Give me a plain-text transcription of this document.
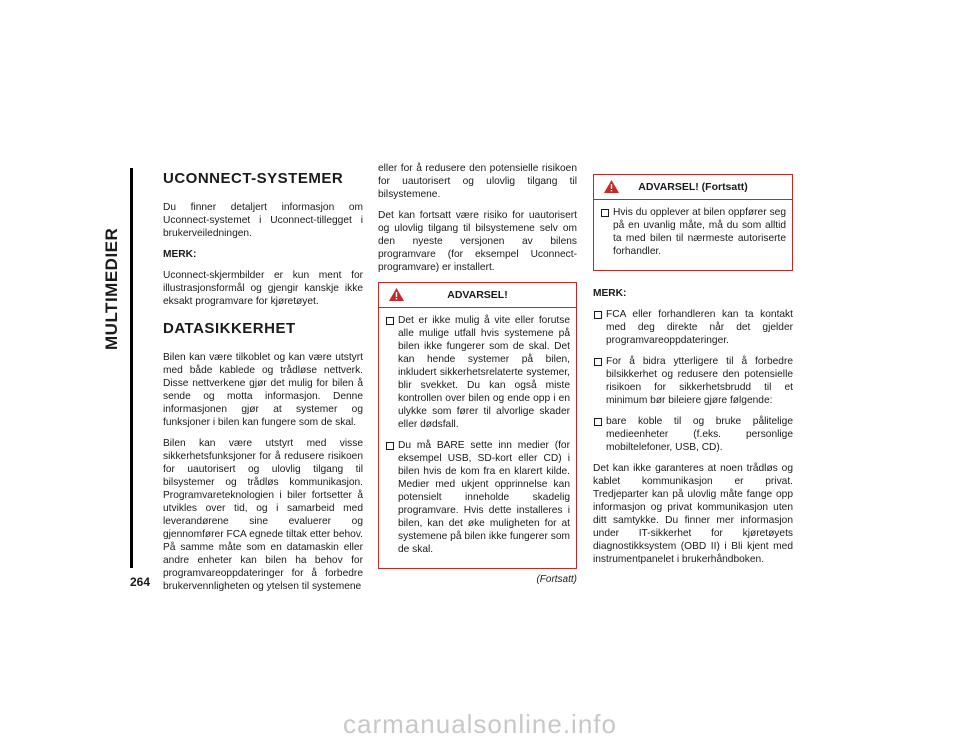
MULTIMEDIER
264
UCONNECT-SYSTEMER

Du finner detaljert informasjon om Uconnect-systemet i Uconnect-tillegget i brukerveiledningen.

MERK:

Uconnect-skjermbilder er kun ment for illustrasjonsformål og gjengir kanskje ikke eksakt programvare for kjøretøyet.

DATASIKKERHET

Bilen kan være tilkoblet og kan være utstyrt med både kablede og trådløse nettverk. Disse nettverkene gjør det mulig for bilen å sende og motta informasjon. Denne informasjonen gjør at systemer og funksjoner i bilen kan fungere som de skal.

Bilen kan være utstyrt med visse sikkerhetsfunksjoner for å redusere risikoen for uautorisert og ulovlig tilgang til bilsystemer og trådløs kommunikasjon. Programvareteknologien i biler fortsetter å utvikles over tid, og i samarbeid med leverandørene sine evaluerer og gjennomfører FCA egnede tiltak etter behov. På samme måte som en datamaskin eller andre enheter kan bilen ha behov for programvareoppdateringer for å forbedre brukervennligheten og ytelsen til systemene

eller for å redusere den potensielle risikoen for uautorisert og ulovlig tilgang til bilsystemene.

Det kan fortsatt være risiko for uautorisert og ulovlig tilgang til bilsystemene selv om den nyeste versjonen av bilens programvare (for eksempel Uconnect-programvare) er installert.

ADVARSEL!

Det er ikke mulig å vite eller forutse alle mulige utfall hvis systemene på bilen ikke fungerer som de skal. Det kan hende systemer på bilen, inkludert sikkerhetsrelaterte systemer, blir svekket. Du kan også miste kontrollen over bilen og ende opp i en ulykke som fører til alvorlige skader eller dødsfall.

Du må BARE sette inn medier (for eksempel USB, SD-kort eller CD) i bilen hvis de kom fra en klarert kilde. Medier med ukjent opprinnelse kan potensielt inneholde skadelig programvare. Hvis dette installeres i bilen, kan det øke muligheten for at systemene på bilen ikke fungerer som de skal.

(Fortsatt)
ADVARSEL! (Fortsatt)

Hvis du opplever at bilen oppfører seg på en uvanlig måte, må du som alltid ta med bilen til nærmeste autoriserte forhandler.

MERK:

FCA eller forhandleren kan ta kontakt med deg direkte når det gjelder programvareoppdateringer.

For å bidra ytterligere til å forbedre bilsikkerhet og redusere den potensielle risikoen for sikkerhetsbrudd til et minimum bør bileiere gjøre følgende:

bare koble til og bruke pålitelige medieenheter (f.eks. personlige mobiltelefoner, USB, CD).

Det kan ikke garanteres at noen trådløs og kablet kommunikasjon er privat. Tredjeparter kan på ulovlig måte fange opp informasjon og privat kommunikasjon uten ditt samtykke. Du finner mer informasjon under IT-sikkerhet for kjøretøyets diagnostikksystem (OBD II) i Bli kjent med instrumentpanelet i brukerhåndboken.

carmanualsonline.info
